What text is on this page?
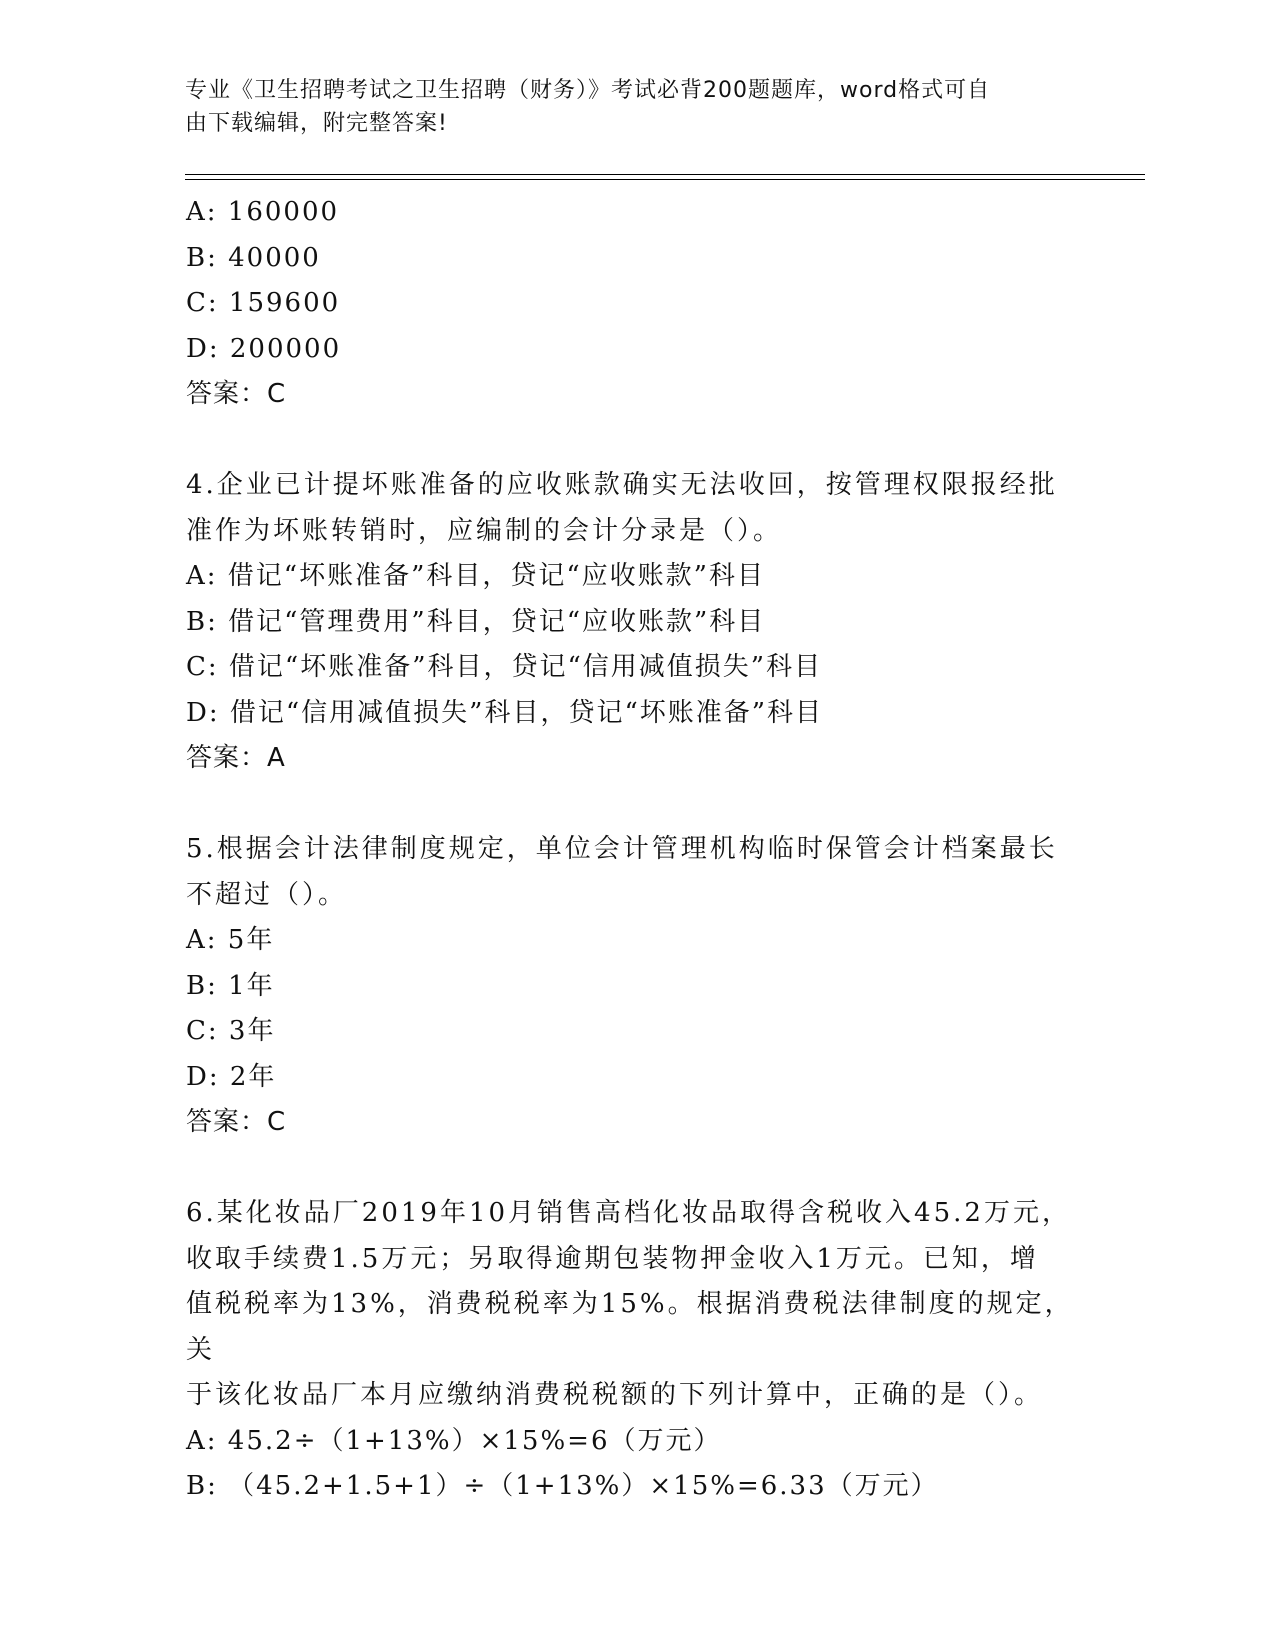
专业《卫生招聘考试之卫生招聘（财务）》考试必背200题题库，word格式可自
由下载编辑，附完整答案!
A: 160000
B: 40000
C: 159600
D: 200000
答案：C
4.企业已计提坏账准备的应收账款确实无法收回，按管理权限报经批
准作为坏账转销时，应编制的会计分录是（）。
A: 借记“坏账准备”科目，贷记“应收账款”科目
B: 借记“管理费用”科目，贷记“应收账款”科目
C: 借记“坏账准备”科目，贷记“信用减值损失”科目
D: 借记“信用减值损失”科目，贷记“坏账准备”科目
答案：A
5.根据会计法律制度规定，单位会计管理机构临时保管会计档案最长
不超过（）。
A: 5年
B: 1年
C: 3年
D: 2年
答案：C
6.某化妆品厂2019年10月销售高档化妆品取得含税收入45.2万元，
收取手续费1.5万元；另取得逾期包装物押金收入1万元。已知，增
值税税率为13%，消费税税率为15%。根据消费税法律制度的规定，关
于该化妆品厂本月应缴纳消费税税额的下列计算中，正确的是（）。
A: 45.2÷（1+13%）×15%=6（万元）
B: （45.2+1.5+1）÷（1+13%）×15%=6.33（万元）
